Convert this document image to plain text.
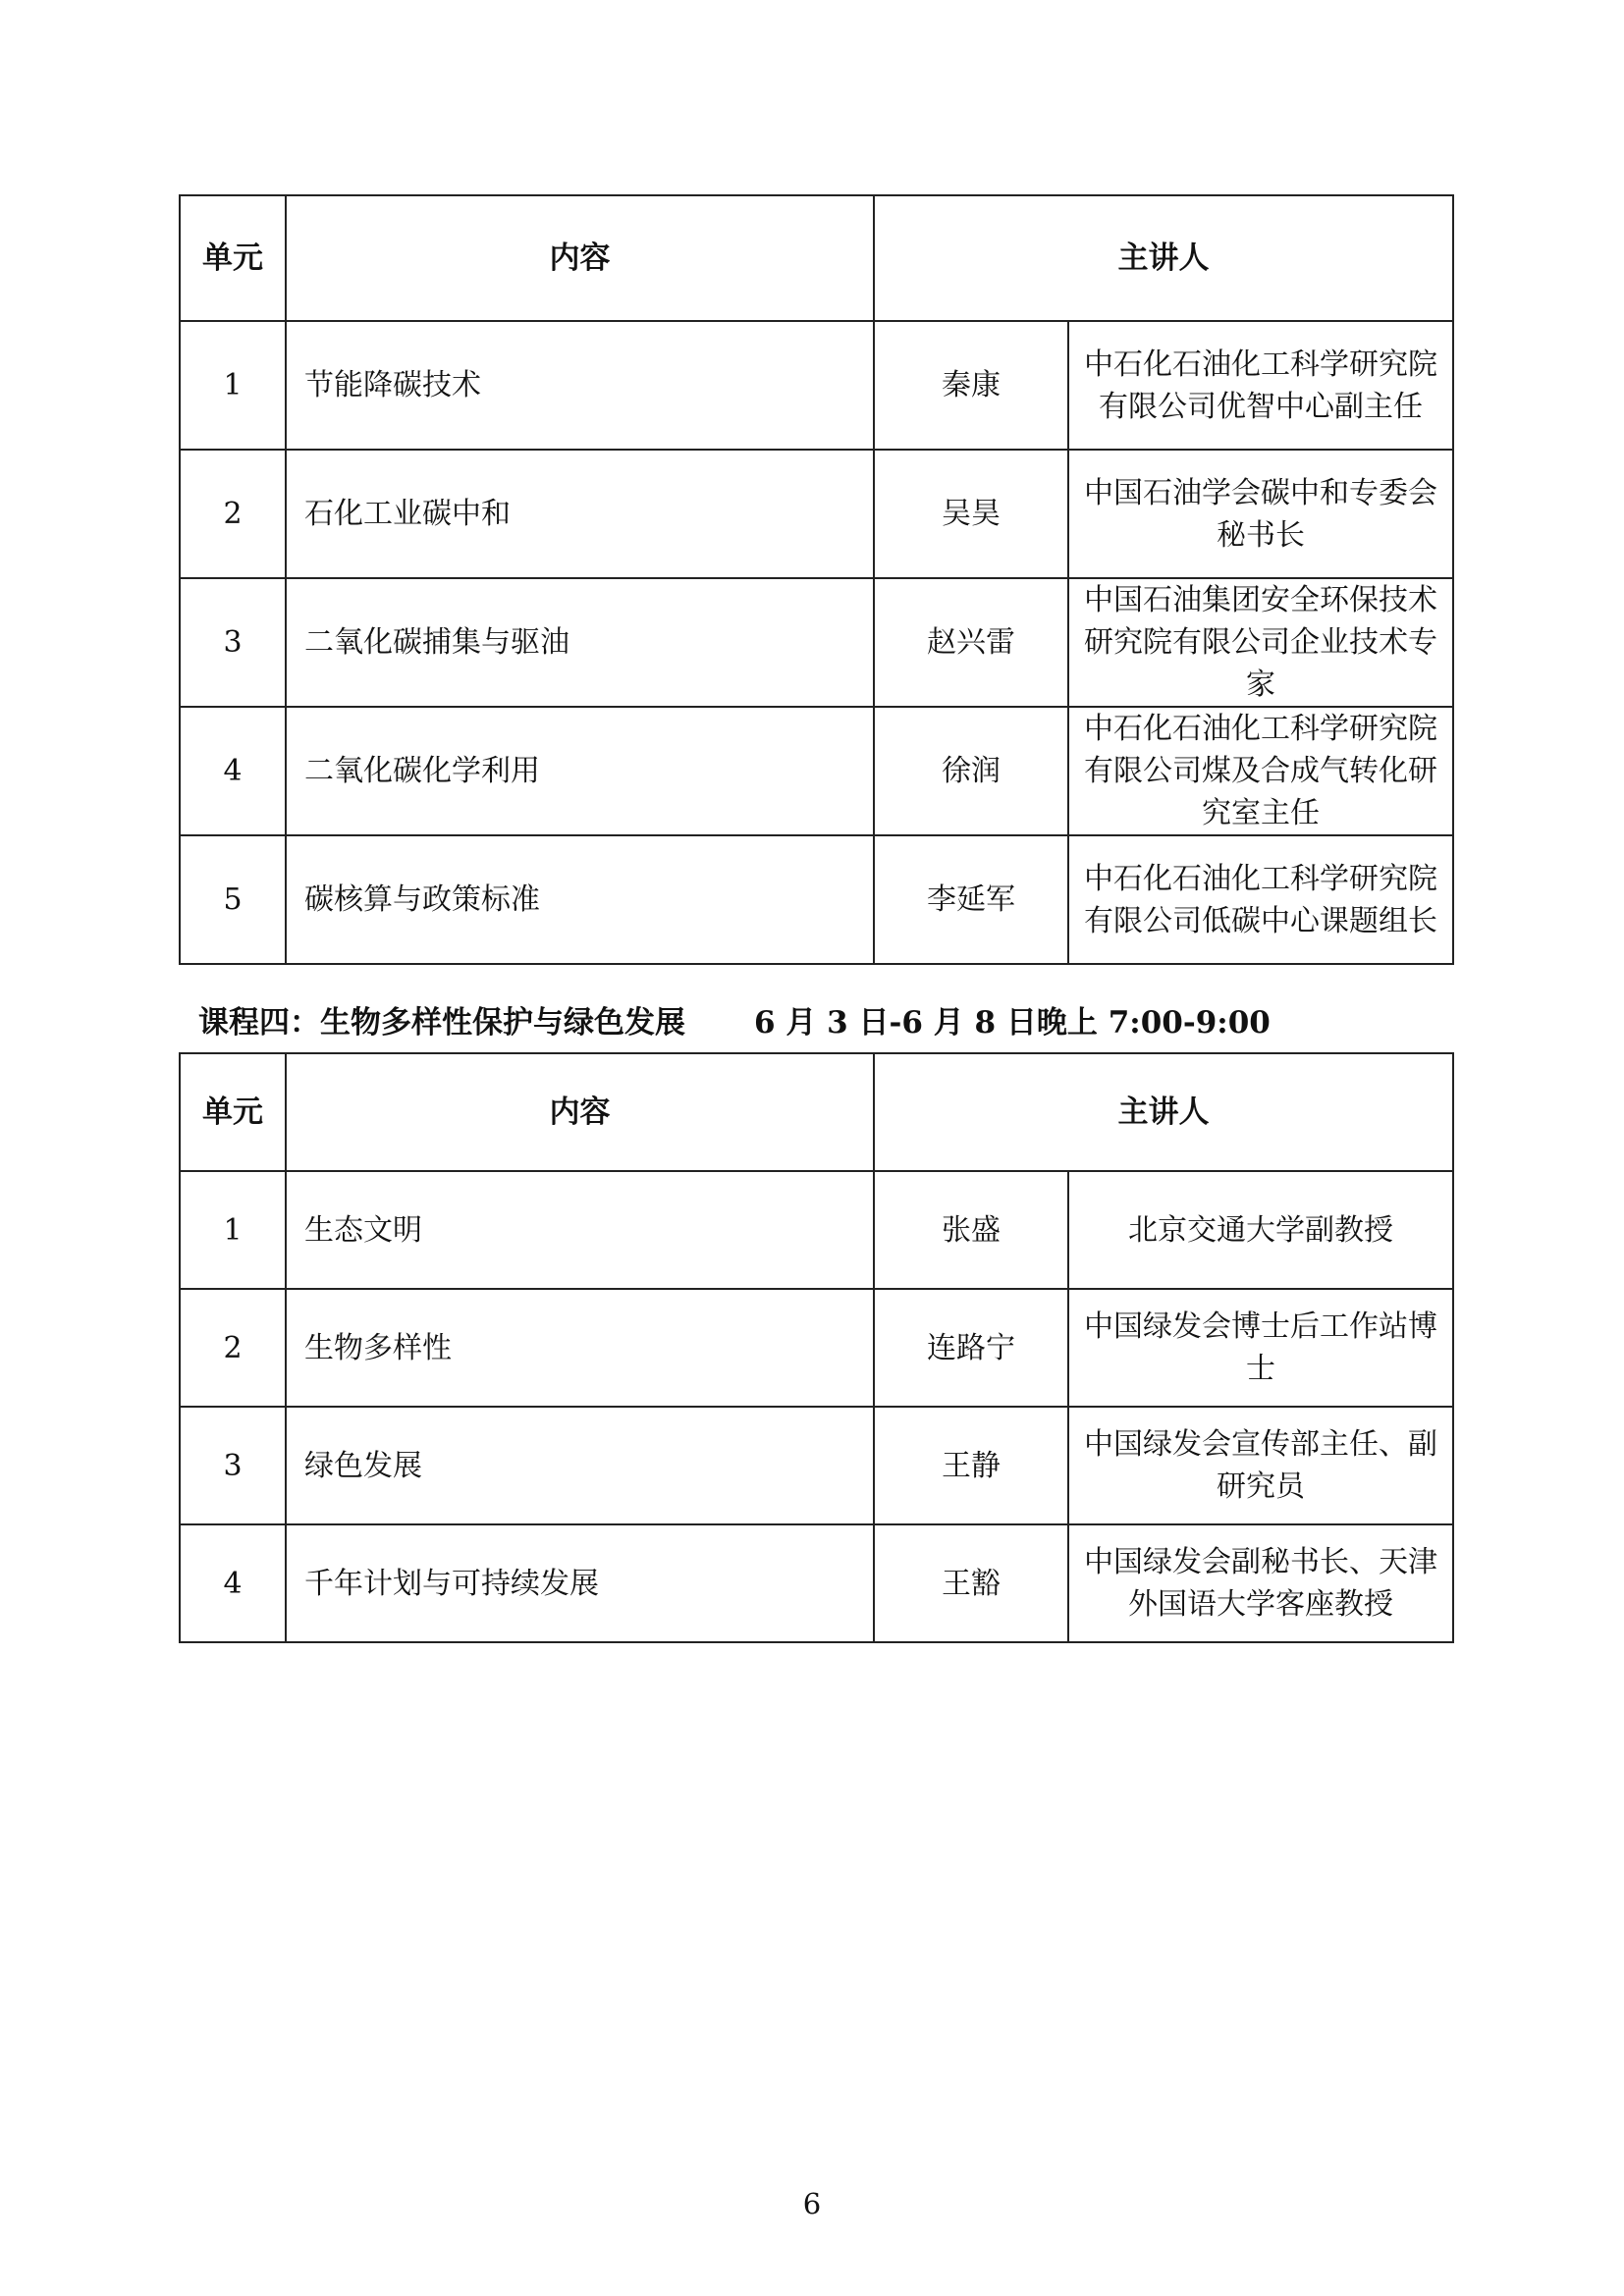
单元	内容	主讲人	
1	节能降碳技术	秦康	中石化石油化工科学研究院有限公司优智中心副主任
2	石化工业碳中和	吴昊	中国石油学会碳中和专委会秘书长
3	二氧化碳捕集与驱油	赵兴雷	中国石油集团安全环保技术研究院有限公司企业技术专家
4	二氧化碳化学利用	徐润	中石化石油化工科学研究院有限公司煤及合成气转化研究室主任
5	碳核算与政策标准	李延军	中石化石油化工科学研究院有限公司低碳中心课题组长
课程四：生物多样性保护与绿色发展 6 月 3 日-6 月 8 日晚上 7:00-9:00
单元	内容	主讲人	
1	生态文明	张盛	北京交通大学副教授
2	生物多样性	连路宁	中国绿发会博士后工作站博士
3	绿色发展	王静	中国绿发会宣传部主任、副研究员
4	千年计划与可持续发展	王豁	中国绿发会副秘书长、天津外国语大学客座教授
6
